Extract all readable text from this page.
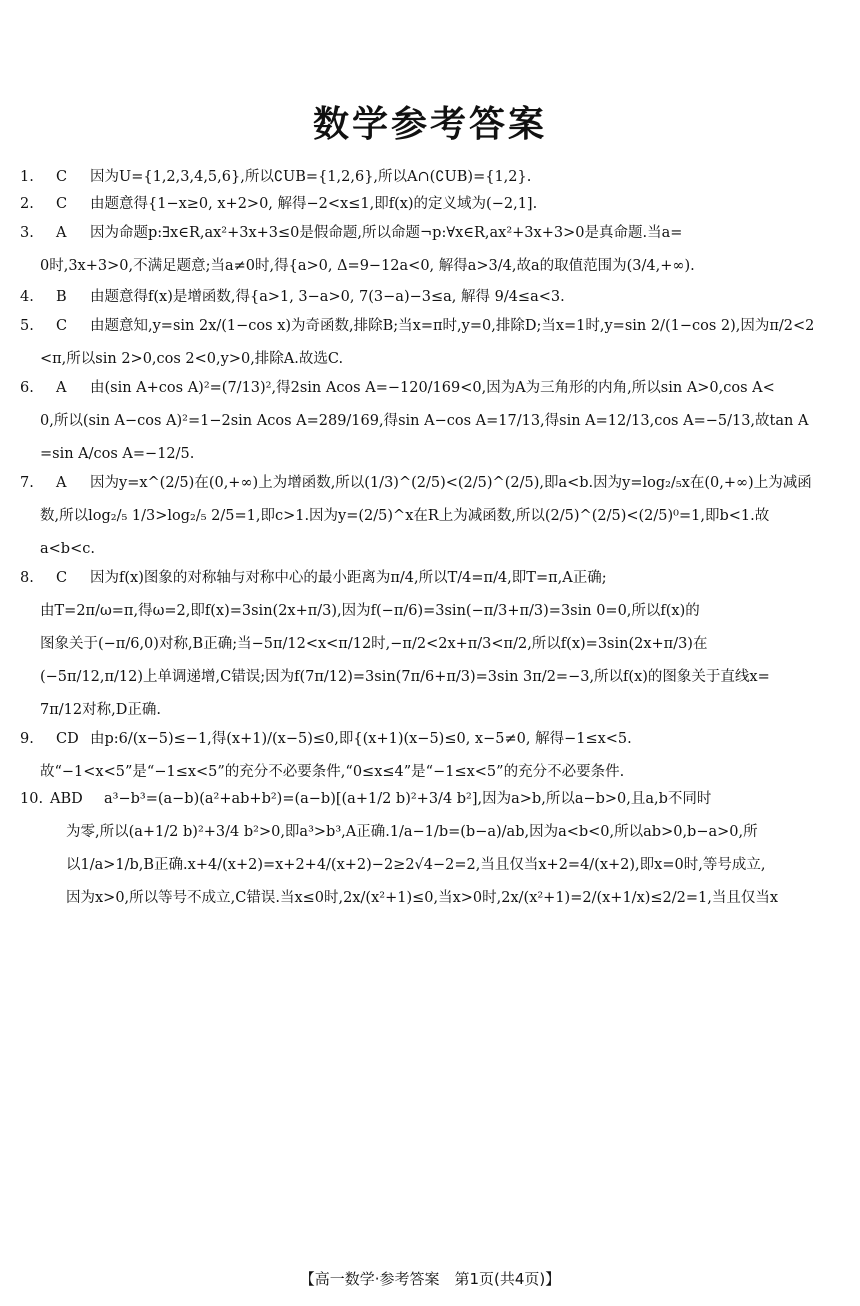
数学参考答案
1.	C	因为U={1,2,3,4,5,6},所以∁UB={1,2,6},所以A∩(∁UB)={1,2}.
2.	C	由题意得{1−x≥0, x+2>0, 解得−2<x≤1,即f(x)的定义域为(−2,1].
3.	A	因为命题p:∃x∈R,ax²+3x+3≤0是假命题,所以命题¬p:∀x∈R,ax²+3x+3>0是真命题.当a=
0时,3x+3>0,不满足题意;当a≠0时,得{a>0, Δ=9−12a<0, 解得a>3/4,故a的取值范围为(3/4,+∞).
4.	B	由题意得f(x)是增函数,得{a>1, 3−a>0, 7(3−a)−3≤a, 解得 9/4≤a<3.
5.	C	由题意知,y=sin 2x/(1−cos x)为奇函数,排除B;当x=π时,y=0,排除D;当x=1时,y=sin 2/(1−cos 2),因为π/2<2
<π,所以sin 2>0,cos 2<0,y>0,排除A.故选C.
6.	A	由(sin A+cos A)²=(7/13)²,得2sin Acos A=−120/169<0,因为A为三角形的内角,所以sin A>0,cos A<
0,所以(sin A−cos A)²=1−2sin Acos A=289/169,得sin A−cos A=17/13,得sin A=12/13,cos A=−5/13,故tan A
=sin A/cos A=−12/5.
7.	A	因为y=x^(2/5)在(0,+∞)上为增函数,所以(1/3)^(2/5)<(2/5)^(2/5),即a<b.因为y=log₂/₅x在(0,+∞)上为减函
数,所以log₂/₅ 1/3>log₂/₅ 2/5=1,即c>1.因为y=(2/5)^x在R上为减函数,所以(2/5)^(2/5)<(2/5)⁰=1,即b<1.故
a<b<c.
8.	C	因为f(x)图象的对称轴与对称中心的最小距离为π/4,所以T/4=π/4,即T=π,A正确;
由T=2π/ω=π,得ω=2,即f(x)=3sin(2x+π/3),因为f(−π/6)=3sin(−π/3+π/3)=3sin 0=0,所以f(x)的
图象关于(−π/6,0)对称,B正确;当−5π/12<x<π/12时,−π/2<2x+π/3<π/2,所以f(x)=3sin(2x+π/3)在
(−5π/12,π/12)上单调递增,C错误;因为f(7π/12)=3sin(7π/6+π/3)=3sin 3π/2=−3,所以f(x)的图象关于直线x=
7π/12对称,D正确.
9.	CD 由p:6/(x−5)≤−1,得(x+1)/(x−5)≤0,即{(x+1)(x−5)≤0, x−5≠0, 解得−1≤x<5.
故“−1<x<5”是“−1≤x<5”的充分不必要条件,“0≤x≤4”是“−1≤x<5”的充分不必要条件.
10. ABD	a³−b³=(a−b)(a²+ab+b²)=(a−b)[(a+1/2 b)²+3/4 b²],因为a>b,所以a−b>0,且a,b不同时
为零,所以(a+1/2 b)²+3/4 b²>0,即a³>b³,A正确.1/a−1/b=(b−a)/ab,因为a<b<0,所以ab>0,b−a>0,所
以1/a>1/b,B正确.x+4/(x+2)=x+2+4/(x+2)−2≥2√4−2=2,当且仅当x+2=4/(x+2),即x=0时,等号成立,
因为x>0,所以等号不成立,C错误.当x≤0时,2x/(x²+1)≤0,当x>0时,2x/(x²+1)=2/(x+1/x)≤2/2=1,当且仅当x
【高一数学·参考答案　第1页(共4页)】
